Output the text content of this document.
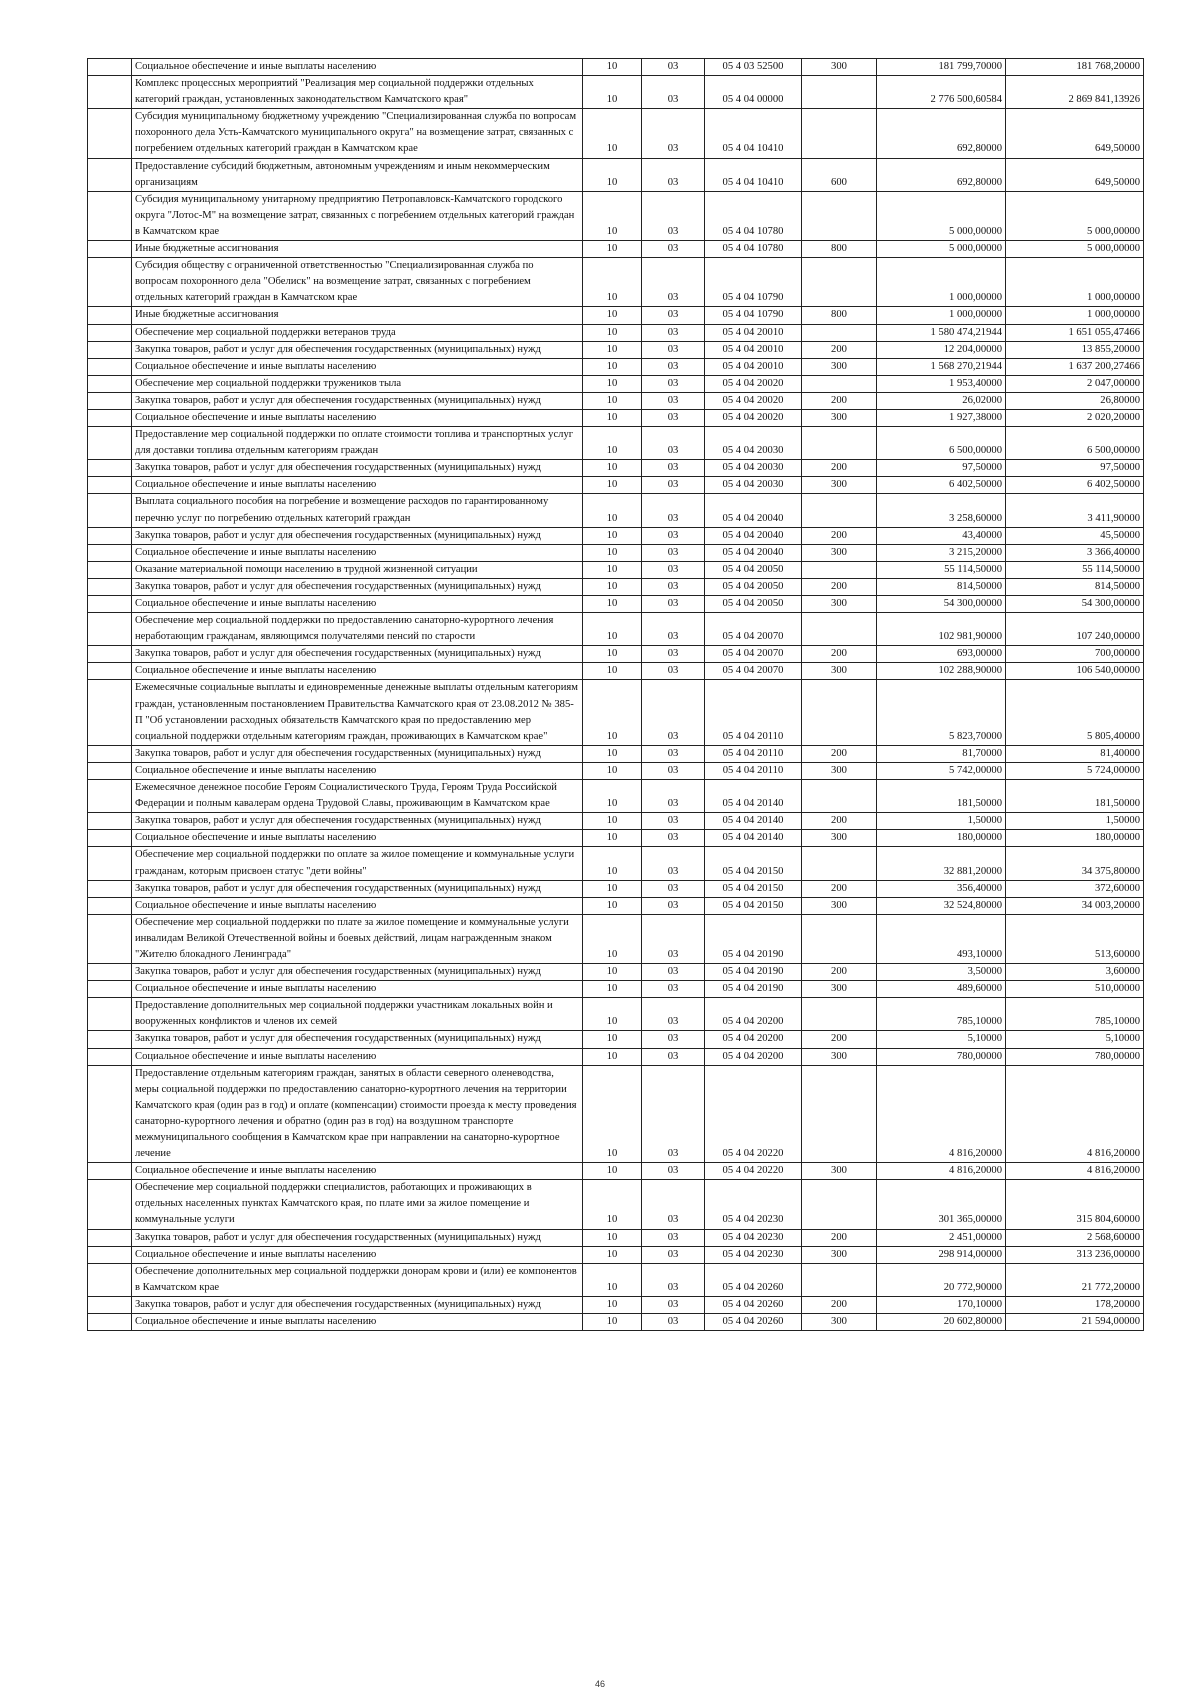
	Социальное обеспечение и иные выплаты населению	10	03	05 4 03 52500	300	181 799,70000	181 768,20000
	Комплекс процессных мероприятий "Реализация мер социальной поддержки отдельных категорий граждан, установленных законодательством Камчатского края"	10	03	05 4 04 00000		2 776 500,60584	2 869 841,13926
	Субсидия муниципальному бюджетному учреждению "Специализированная служба по вопросам похоронного дела Усть-Камчатского муниципального округа" на возмещение затрат, связанных с погребением отдельных категорий граждан в Камчатском крае	10	03	05 4 04 10410		692,80000	649,50000
	Предоставление субсидий бюджетным, автономным учреждениям и иным некоммерческим организациям	10	03	05 4 04 10410	600	692,80000	649,50000
	Субсидия муниципальному унитарному предприятию Петропавловск-Камчатского городского округа "Лотос-М" на возмещение затрат, связанных с погребением отдельных категорий граждан в Камчатском крае	10	03	05 4 04 10780		5 000,00000	5 000,00000
	Иные бюджетные ассигнования	10	03	05 4 04 10780	800	5 000,00000	5 000,00000
	Субсидия обществу с ограниченной ответственностью "Специализированная служба по вопросам похоронного дела "Обелиск" на возмещение затрат, связанных с погребением отдельных категорий граждан в Камчатском крае	10	03	05 4 04 10790		1 000,00000	1 000,00000
	Иные бюджетные ассигнования	10	03	05 4 04 10790	800	1 000,00000	1 000,00000
	Обеспечение мер социальной поддержки ветеранов труда	10	03	05 4 04 20010		1 580 474,21944	1 651 055,47466
	Закупка товаров, работ и услуг для обеспечения государственных (муниципальных) нужд	10	03	05 4 04 20010	200	12 204,00000	13 855,20000
	Социальное обеспечение и иные выплаты населению	10	03	05 4 04 20010	300	1 568 270,21944	1 637 200,27466
	Обеспечение мер социальной поддержки тружеников тыла	10	03	05 4 04 20020		1 953,40000	2 047,00000
	Закупка товаров, работ и услуг для обеспечения государственных (муниципальных) нужд	10	03	05 4 04 20020	200	26,02000	26,80000
	Социальное обеспечение и иные выплаты населению	10	03	05 4 04 20020	300	1 927,38000	2 020,20000
	Предоставление мер социальной поддержки по оплате стоимости топлива и транспортных услуг для доставки топлива отдельным категориям граждан	10	03	05 4 04 20030		6 500,00000	6 500,00000
	Закупка товаров, работ и услуг для обеспечения государственных (муниципальных) нужд	10	03	05 4 04 20030	200	97,50000	97,50000
	Социальное обеспечение и иные выплаты населению	10	03	05 4 04 20030	300	6 402,50000	6 402,50000
	Выплата социального пособия на погребение и возмещение расходов по гарантированному перечню услуг по погребению отдельных категорий граждан	10	03	05 4 04 20040		3 258,60000	3 411,90000
	Закупка товаров, работ и услуг для обеспечения государственных (муниципальных) нужд	10	03	05 4 04 20040	200	43,40000	45,50000
	Социальное обеспечение и иные выплаты населению	10	03	05 4 04 20040	300	3 215,20000	3 366,40000
	Оказание материальной помощи населению в трудной жизненной ситуации	10	03	05 4 04 20050		55 114,50000	55 114,50000
	Закупка товаров, работ и услуг для обеспечения государственных (муниципальных) нужд	10	03	05 4 04 20050	200	814,50000	814,50000
	Социальное обеспечение и иные выплаты населению	10	03	05 4 04 20050	300	54 300,00000	54 300,00000
	Обеспечение мер социальной поддержки по предоставлению санаторно-курортного лечения неработающим гражданам, являющимся получателями пенсий по старости	10	03	05 4 04 20070		102 981,90000	107 240,00000
	Закупка товаров, работ и услуг для обеспечения государственных (муниципальных) нужд	10	03	05 4 04 20070	200	693,00000	700,00000
	Социальное обеспечение и иные выплаты населению	10	03	05 4 04 20070	300	102 288,90000	106 540,00000
	Ежемесячные социальные выплаты и единовременные денежные выплаты отдельным категориям граждан, установленным постановлением Правительства Камчатского края от 23.08.2012 № 385-П "Об установлении расходных обязательств Камчатского края по предоставлению мер социальной поддержки отдельным категориям граждан, проживающих в Камчатском крае"	10	03	05 4 04 20110		5 823,70000	5 805,40000
	Закупка товаров, работ и услуг для обеспечения государственных (муниципальных) нужд	10	03	05 4 04 20110	200	81,70000	81,40000
	Социальное обеспечение и иные выплаты населению	10	03	05 4 04 20110	300	5 742,00000	5 724,00000
	Ежемесячное денежное пособие Героям Социалистического Труда, Героям Труда Российской Федерации и полным кавалерам ордена Трудовой Славы, проживающим в Камчатском крае	10	03	05 4 04 20140		181,50000	181,50000
	Закупка товаров, работ и услуг для обеспечения государственных (муниципальных) нужд	10	03	05 4 04 20140	200	1,50000	1,50000
	Социальное обеспечение и иные выплаты населению	10	03	05 4 04 20140	300	180,00000	180,00000
	Обеспечение мер социальной поддержки по оплате за жилое помещение и коммунальные услуги гражданам, которым присвоен статус "дети войны"	10	03	05 4 04 20150		32 881,20000	34 375,80000
	Закупка товаров, работ и услуг для обеспечения государственных (муниципальных) нужд	10	03	05 4 04 20150	200	356,40000	372,60000
	Социальное обеспечение и иные выплаты населению	10	03	05 4 04 20150	300	32 524,80000	34 003,20000
	Обеспечение мер социальной поддержки по плате за жилое помещение и коммунальные услуги инвалидам Великой Отечественной войны и боевых действий, лицам награжденным знаком "Жителю блокадного Ленинграда"	10	03	05 4 04 20190		493,10000	513,60000
	Закупка товаров, работ и услуг для обеспечения государственных (муниципальных) нужд	10	03	05 4 04 20190	200	3,50000	3,60000
	Социальное обеспечение и иные выплаты населению	10	03	05 4 04 20190	300	489,60000	510,00000
	Предоставление дополнительных мер социальной поддержки участникам локальных войн и вооруженных конфликтов и членов их семей	10	03	05 4 04 20200		785,10000	785,10000
	Закупка товаров, работ и услуг для обеспечения государственных (муниципальных) нужд	10	03	05 4 04 20200	200	5,10000	5,10000
	Социальное обеспечение и иные выплаты населению	10	03	05 4 04 20200	300	780,00000	780,00000
	Предоставление отдельным категориям граждан, занятых в области северного оленеводства, меры социальной поддержки по предоставлению санаторно-курортного лечения на территории Камчатского края (один раз в год) и оплате (компенсации) стоимости проезда к месту проведения санаторно-курортного лечения и обратно (один раз в год) на воздушном транспорте межмуниципального сообщения в Камчатском крае при направлении на санаторно-курортное лечение	10	03	05 4 04 20220		4 816,20000	4 816,20000
	Социальное обеспечение и иные выплаты населению	10	03	05 4 04 20220	300	4 816,20000	4 816,20000
	Обеспечение мер социальной поддержки специалистов, работающих и проживающих в отдельных населенных пунктах Камчатского края, по плате ими за жилое помещение и коммунальные услуги	10	03	05 4 04 20230		301 365,00000	315 804,60000
	Закупка товаров, работ и услуг для обеспечения государственных (муниципальных) нужд	10	03	05 4 04 20230	200	2 451,00000	2 568,60000
	Социальное обеспечение и иные выплаты населению	10	03	05 4 04 20230	300	298 914,00000	313 236,00000
	Обеспечение дополнительных мер социальной поддержки донорам крови и (или) ее компонентов в Камчатском крае	10	03	05 4 04 20260		20 772,90000	21 772,20000
	Закупка товаров, работ и услуг для обеспечения государственных (муниципальных) нужд	10	03	05 4 04 20260	200	170,10000	178,20000
	Социальное обеспечение и иные выплаты населению	10	03	05 4 04 20260	300	20 602,80000	21 594,00000
46
